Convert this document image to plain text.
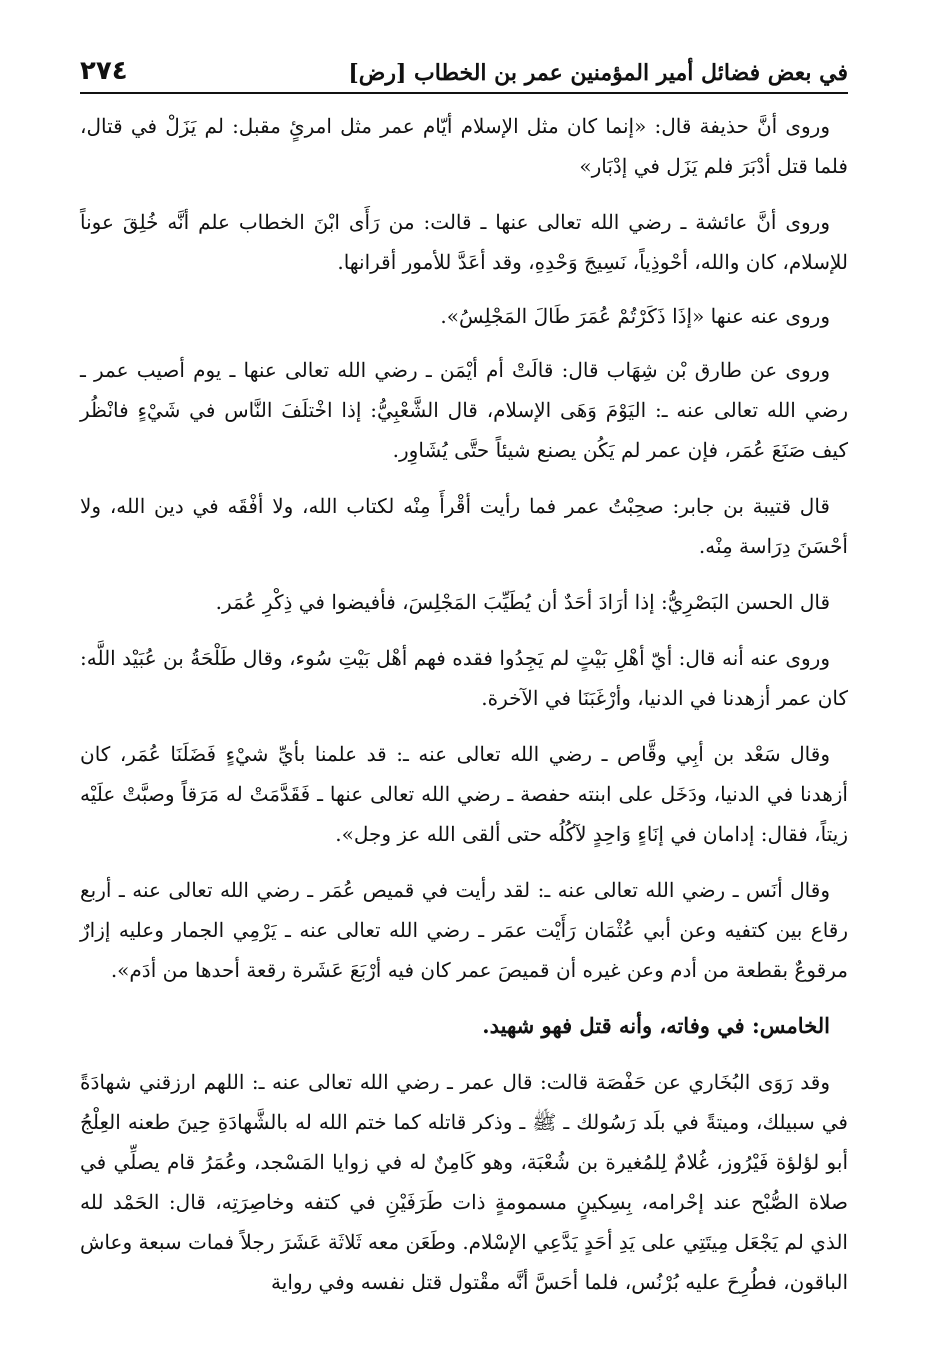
٢٧٤	في بعض فضائل أمير المؤمنين عمر بن الخطاب [رض]

وروى أنَّ حذيفة قال: «إنما كان مثل الإسلام أيّام عمر مثل امرئٍ مقبل: لم يَزَلْ في قتال، فلما قتل أدْبَرَ فلم يَزَل في إدْبَار»

وروى أنَّ عائشة ـ رضي الله تعالى عنها ـ قالت: من رَأَى ابْنَ الخطاب علم أنَّه خُلِقَ عوناً للإسلام، كان والله، أحْوذِياً، نَسِيجَ وَحْدِهِ، وقد أعَدَّ للأمور أقرانها.

وروى عنه عنها «إذَا ذَكَرْتُمْ عُمَرَ طَالَ المَجْلِسُ».

وروى عن طارق بْن شِهَاب قال: قالَتْ أم أيْمَن ـ رضي الله تعالى عنها ـ يوم أصيب عمر ـ رضي الله تعالى عنه ـ: اليَوْمَ وَهَى الإسلام، قال الشَّعْبِيُّ: إذا اخْتلَفَ النَّاس في شَيْءٍ فانْظُر كيف صَنَعَ عُمَر، فإن عمر لم يَكُن يصنع شيئاً حتَّى يُشَاوِر.

قال قتيبة بن جابر: صحِبْتُ عمر فما رأيت أقْرأَ مِنْه لكتاب الله، ولا أفْقَه في دين الله، ولا أحْسَنَ دِرَاسة مِنْه.

قال الحسن البَصْرِيُّ: إذا أرَادَ أحَدٌ أن يُطَيِّبَ المَجْلِسَ، فأفيضوا في ذِكْرِ عُمَر.

وروى عنه أنه قال: أيّ أهْلِ بَيْتٍ لم يَجِدُوا فقده فهم أهْل بَيْتِ سُوء، وقال طَلْحَةُ بن عُبَيْد اللَّه: كان عمر أزهدنا في الدنيا، وأرْغَبَنَا في الآخرة.

وقال سَعْد بن أبِي وقَّاص ـ رضي الله تعالى عنه ـ: قد علمنا بأيِّ شيْءٍ فَضَلَنَا عُمَر، كان أزهدنا في الدنيا، ودَخَل على ابنته حفصة ـ رضي الله تعالى عنها ـ فَقَدَّمَتْ له مَرَقاً وصبَّتْ علَيْه زيتاً، فقال: إدامان في إنَاءٍ وَاحِدٍ لآكُلُه حتى ألقى الله عز وجل».

وقال أنَس ـ رضي الله تعالى عنه ـ: لقد رأيت في قميص عُمَر ـ رضي الله تعالى عنه ـ أربع رقاع بين كتفيه وعن أبي عُثْمَان رَأَيْت عمَر ـ رضي الله تعالى عنه ـ يَرْمِي الجمار وعليه إزارٌ مرقوعٌ بقطعة من أدم وعن غيره أن قميصَ عمر كان فيه أرْبَعَ عَشَرة رقعة أحدها من أدَم».

الخامس: في وفاته، وأنه قتل فهو شهيد.

وقد رَوَى البُخَاري عن حَفْصَة قالت: قال عمر ـ رضي الله تعالى عنه ـ: اللهم ارزقني شهادَةً في سبيلك، وميتةً في بلَد رَسُولك ـ ﷺ ـ وذكر قاتله كما ختم الله له بالشَّهادَةِ حِينَ طعنه العِلْجُ أبو لؤلؤة فَيْرُوز، غُلامٌ لِلمُغيرة بن شُعْبَة، وهو كَامِنٌ له في زوايا المَسْجد، وعُمَرُ قام يصلِّي في صلاة الصُّبْح عند إحْرامه، بِسِكينٍ مسمومةٍ ذات طَرَفَيْنِ في كتفه وخاصِرَتِه، قال: الحَمْد لله الذي لم يَجْعَل مِيتَتِي على يَدِ أحَدٍ يَدَّعِي الإسْلام. وطَعَن معه ثَلاثَة عَشَرَ رجلاً فمات سبعة وعاش الباقون، فطُرِحَ عليه بُرْنُس، فلما أحَسَّ أنَّه مقْتول قتل نفسه وفي رواية
